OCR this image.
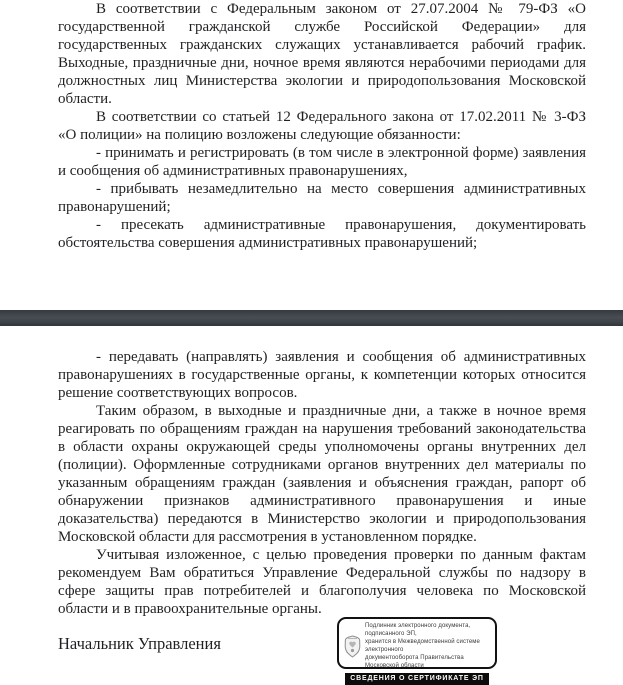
В соответствии с Федеральным законом от 27.07.2004 № 79-ФЗ «О
государственной гражданской службе Российской Федерации» для
государственных гражданских служащих устанавливается рабочий график.
Выходные, праздничные дни, ночное время являются нерабочими периодами для
должностных лиц Министерства экологии и природопользования Московской
области.
В соответствии со статьей 12 Федерального закона от 17.02.2011 № 3-ФЗ
«О полиции» на полицию возложены следующие обязанности:
- принимать и регистрировать (в том числе в электронной форме) заявления
и сообщения об административных правонарушениях,
- прибывать незамедлительно на место совершения административных
правонарушений;
- пресекать административные правонарушения, документировать
обстоятельства совершения административных правонарушений;
- передавать (направлять) заявления и сообщения об административных
правонарушениях в государственные органы, к компетенции которых относится
решение соответствующих вопросов.
Таким образом, в выходные и праздничные дни, а также в ночное время
реагировать по обращениям граждан на нарушения требований законодательства
в области охраны окружающей среды уполномочены органы внутренних дел
(полиции). Оформленные сотрудниками органов внутренних дел материалы по
указанным обращениям граждан (заявления и объяснения граждан, рапорт об
обнаружении признаков административного правонарушения и иные
доказательства) передаются в Министерство экологии и природопользования
Московской области для рассмотрения в установленном порядке.
Учитывая изложенное, с целью проведения проверки по данным фактам
рекомендуем Вам обратиться Управление Федеральной службы по надзору в
сфере защиты прав потребителей и благополучия человека по Московской
области и в правоохранительные органы.
Начальник Управления
Подлинник электронного документа, подписанного ЭП,
хранится в Межведомственной системе электронного
документооборота Правительства Московской области
СВЕДЕНИЯ О СЕРТИФИКАТЕ ЭП
